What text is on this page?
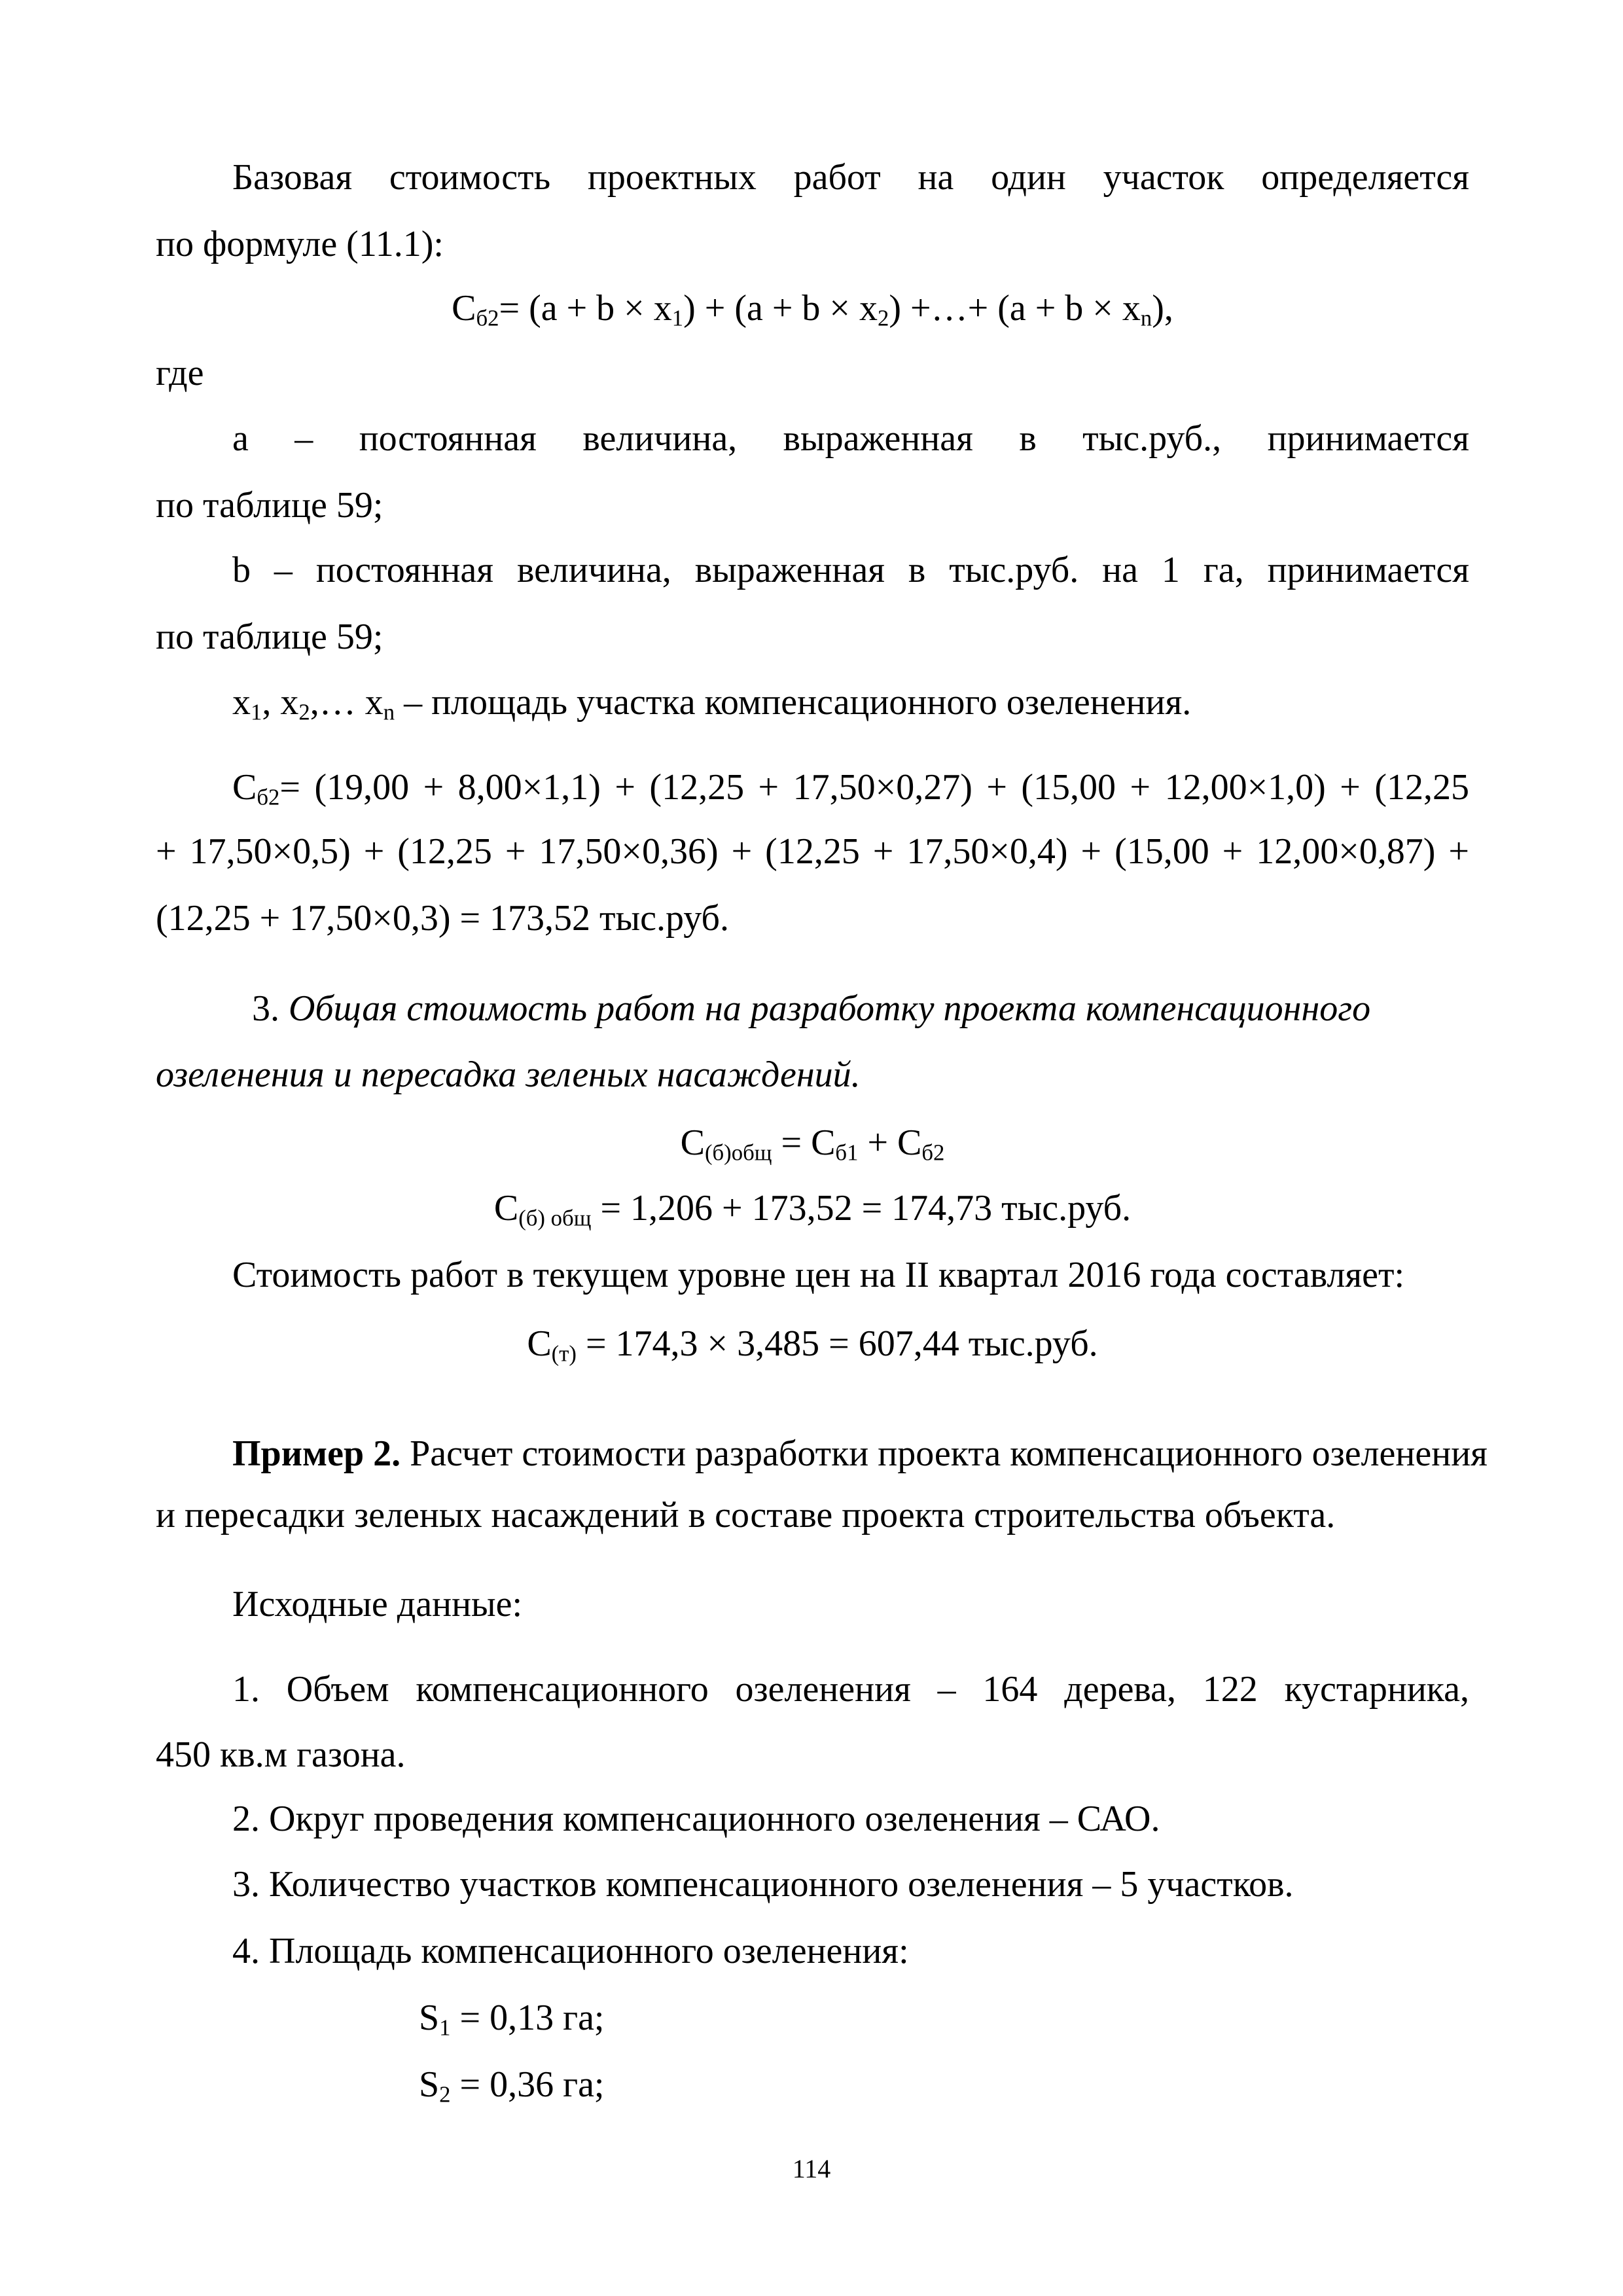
Базовая стоимость проектных работ на один участок определяется
по формуле (11.1):
$С_{б2}= (a + b \times x_1) + (a + b \times x_2)$ +…+ $(a + b \times x_n)$,
где
а – постоянная величина, выраженная в тыс.руб., принимается
по таблице 59;
b – постоянная величина, выраженная в тыс.руб. на 1 га, принимается
по таблице 59;
$х_1$, $х_2,\dots$ $х_n$ – площадь участка компенсационного озеленения.
$С_{б2}= (19,00 + 8,00\times 1,1) + (12,25 + 17,50\times 0,27) + (15,00 + 12,00\times 1,0) + (12,25$
+ 17,50×0,5) + (12,25 + 17,50×0,36) + (12,25 + 17,50×0,4) + (15,00 + 12,00×0,87) +
(12,25 + 17,50×0,3) = 173,52 тыс.руб.
3. Общая стоимость работ на разработку проекта компенсационного
озеленения и пересадка зеленых насаждений.
$С_{(б)общ} = С_{б1} + С_{б2}$
$С_{(б) общ} = 1,206 + 173,52 = 174,73$ тыс.руб.
Стоимость работ в текущем уровне цен на II квартал 2016 года составляет:
$С_{(т)} = 174,3 \times 3,485 = 607,44$ тыс.руб.
Пример 2. Расчет стоимости разработки проекта компенсационного озеленения
и пересадки зеленых насаждений в составе проекта строительства объекта.
Исходные данные:
1. Объем компенсационного озеленения – 164 дерева, 122 кустарника,
450 кв.м газона.
2. Округ проведения компенсационного озеленения – САО.
3. Количество участков компенсационного озеленения – 5 участков.
4. Площадь компенсационного озеленения:
$S_1 = 0,13$ га;
$S_2 = 0,36$ га;
114
